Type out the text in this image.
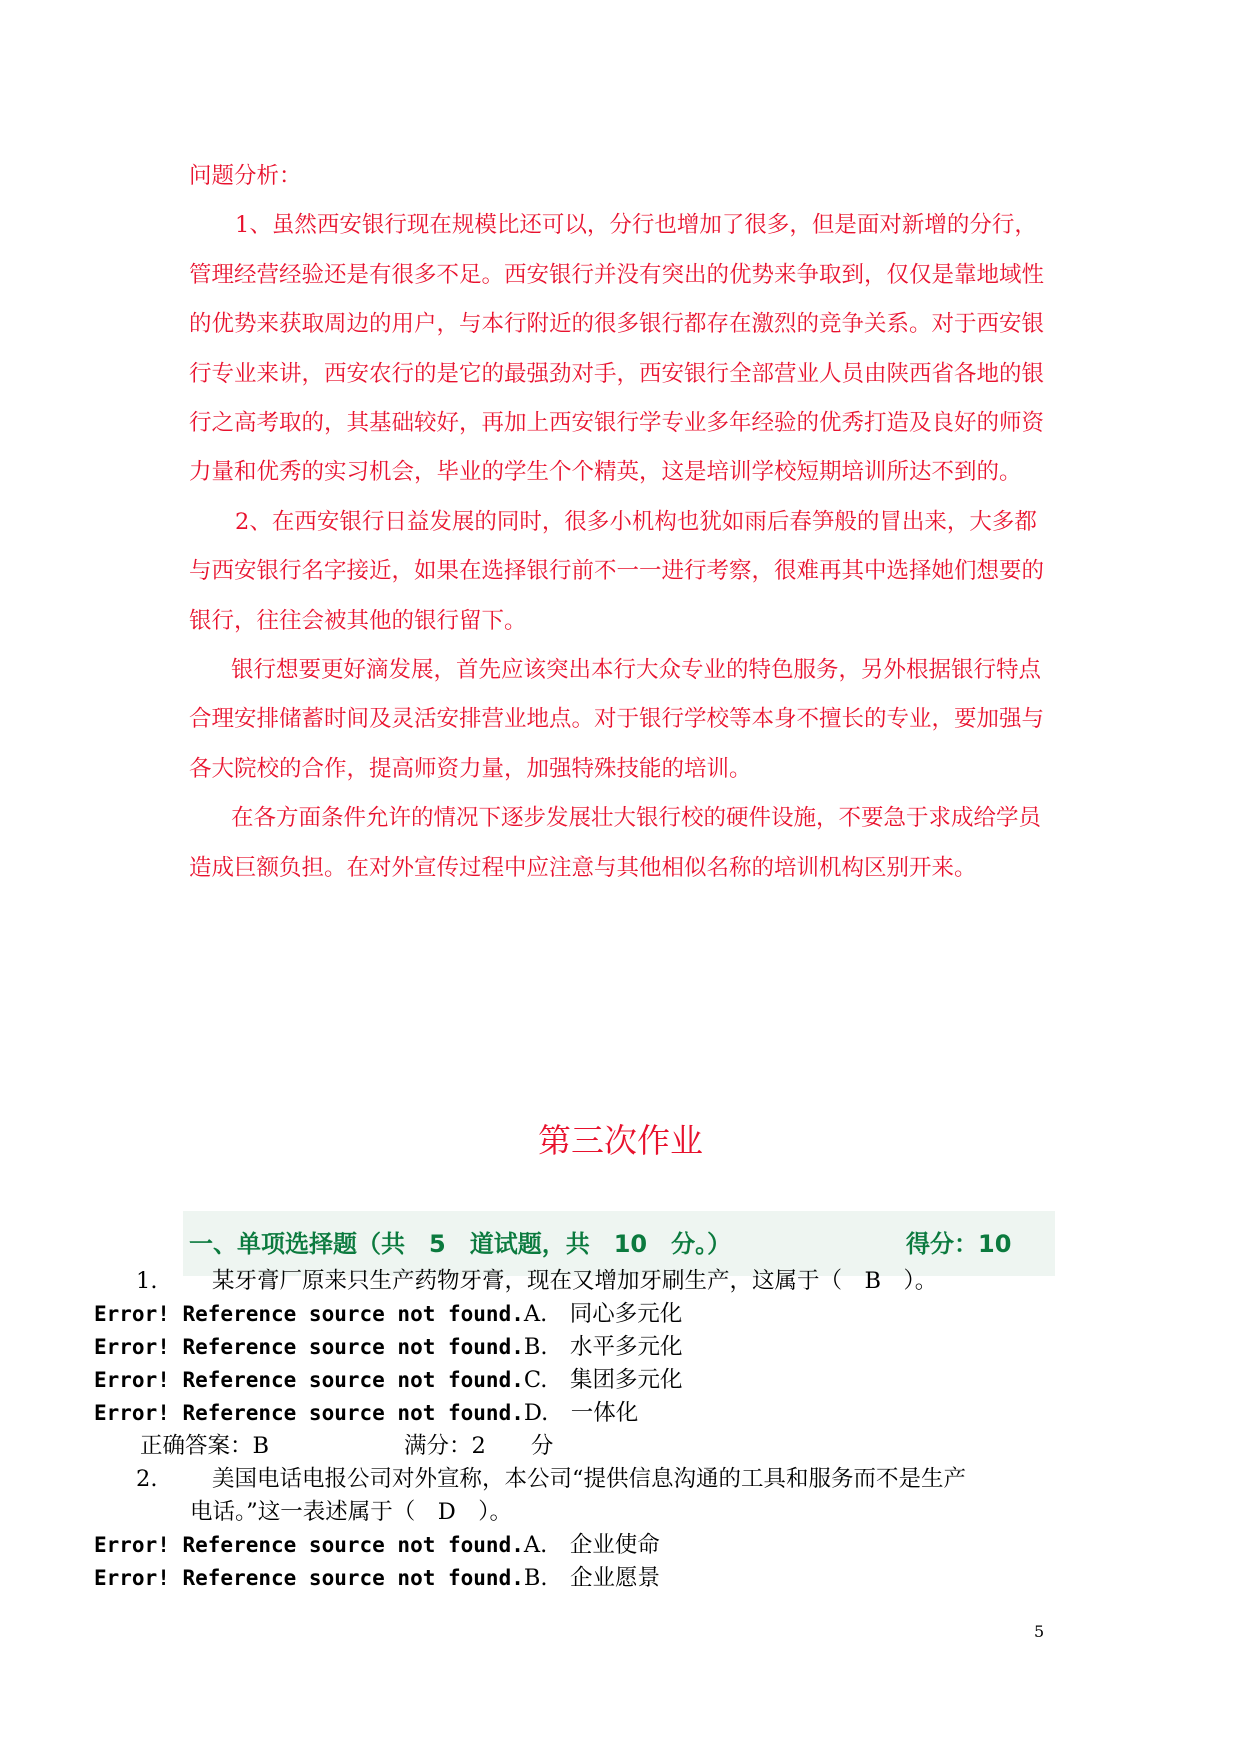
问题分析：

1、虽然西安银行现在规模比还可以，分行也增加了很多，但是面对新增的分行，管理经营经验还是有很多不足。西安银行并没有突出的优势来争取到，仅仅是靠地域性的优势来获取周边的用户，与本行附近的很多银行都存在激烈的竞争关系。对于西安银行专业来讲，西安农行的是它的最强劲对手，西安银行全部营业人员由陕西省各地的银行之高考取的，其基础较好，再加上西安银行学专业多年经验的优秀打造及良好的师资力量和优秀的实习机会，毕业的学生个个精英，这是培训学校短期培训所达不到的。

2、在西安银行日益发展的同时，很多小机构也犹如雨后春笋般的冒出来，大多都与西安银行名字接近，如果在选择银行前不一一进行考察，很难再其中选择她们想要的银行，往往会被其他的银行留下。

银行想要更好滴发展，首先应该突出本行大众专业的特色服务，另外根据银行特点合理安排储蓄时间及灵活安排营业地点。对于银行学校等本身不擅长的专业，要加强与各大院校的合作，提高师资力量，加强特殊技能的培训。

在各方面条件允许的情况下逐步发展壮大银行校的硬件设施，不要急于求成给学员造成巨额负担。在对外宣传过程中应注意与其他相似名称的培训机构区别开来。

第三次作业
一、单项选择题（共　5　道试题，共　10　分。）	得分：10
1. 某牙膏厂原来只生产药物牙膏，现在又增加牙刷生产，这属于（　B　）。
Error! Reference source not found.A.　同心多元化
Error! Reference source not found.B.　水平多元化
Error! Reference source not found.C.　集团多元化
Error! Reference source not found.D.　一体化
正确答案：B　　　　　　满分：2　　分
2. 美国电话电报公司对外宣称，本公司“提供信息沟通的工具和服务而不是生产
电话。”这一表述属于（　D　）。
Error! Reference source not found.A.　企业使命
Error! Reference source not found.B.　企业愿景
5
